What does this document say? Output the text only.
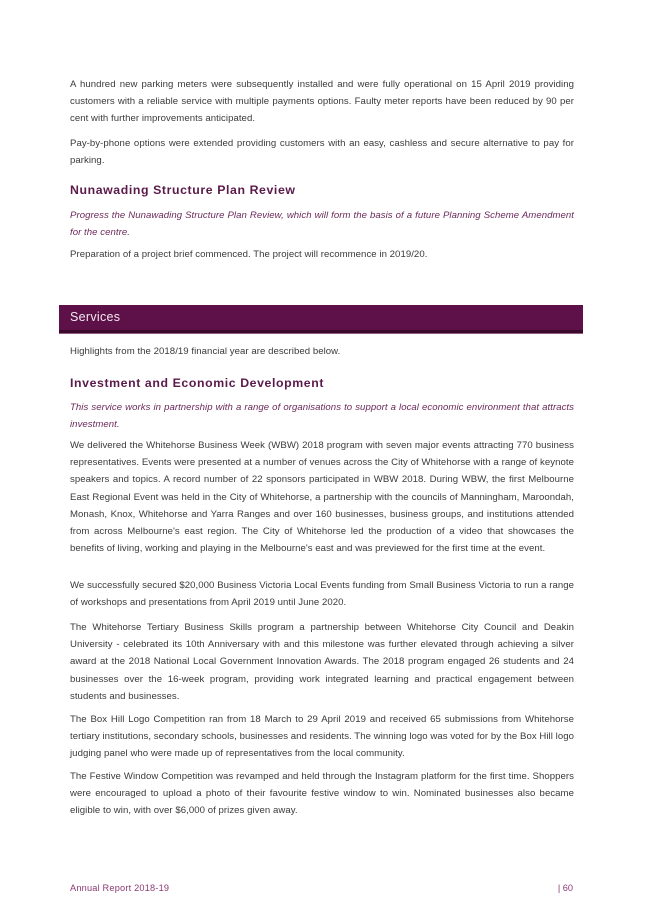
A hundred new parking meters were subsequently installed and were fully operational on 15 April 2019 providing customers with a reliable service with multiple payments options. Faulty meter reports have been reduced by 90 per cent with further improvements anticipated.

Pay-by-phone options were extended providing customers with an easy, cashless and secure alternative to pay for parking.

Nunawading Structure Plan Review

Progress the Nunawading Structure Plan Review, which will form the basis of a future Planning Scheme Amendment for the centre.

Preparation of a project brief commenced. The project will recommence in 2019/20.

Services

Highlights from the 2018/19 financial year are described below.

Investment and Economic Development

This service works in partnership with a range of organisations to support a local economic environment that attracts investment.

We delivered the Whitehorse Business Week (WBW) 2018 program with seven major events attracting 770 business representatives. Events were presented at a number of venues across the City of Whitehorse with a range of keynote speakers and topics. A record number of 22 sponsors participated in WBW 2018. During WBW, the first Melbourne East Regional Event was held in the City of Whitehorse, a partnership with the councils of Manningham, Maroondah, Monash, Knox, Whitehorse and Yarra Ranges and over 160 businesses, business groups, and institutions attended from across Melbourne's east region. The City of Whitehorse led the production of a video that showcases the benefits of living, working and playing in the Melbourne's east and was previewed for the first time at the event.

We successfully secured $20,000 Business Victoria Local Events funding from Small Business Victoria to run a range of workshops and presentations from April 2019 until June 2020.

The Whitehorse Tertiary Business Skills program a partnership between Whitehorse City Council and Deakin University - celebrated its 10th Anniversary with and this milestone was further elevated through achieving a silver award at the 2018 National Local Government Innovation Awards. The 2018 program engaged 26 students and 24 businesses over the 16-week program, providing work integrated learning and practical engagement between students and businesses.

The Box Hill Logo Competition ran from 18 March to 29 April 2019 and received 65 submissions from Whitehorse tertiary institutions, secondary schools, businesses and residents. The winning logo was voted for by the Box Hill logo judging panel who were made up of representatives from the local community.

The Festive Window Competition was revamped and held through the Instagram platform for the first time. Shoppers were encouraged to upload a photo of their favourite festive window to win. Nominated businesses also became eligible to win, with over $6,000 of prizes given away.

Annual Report 2018-19	| 60
